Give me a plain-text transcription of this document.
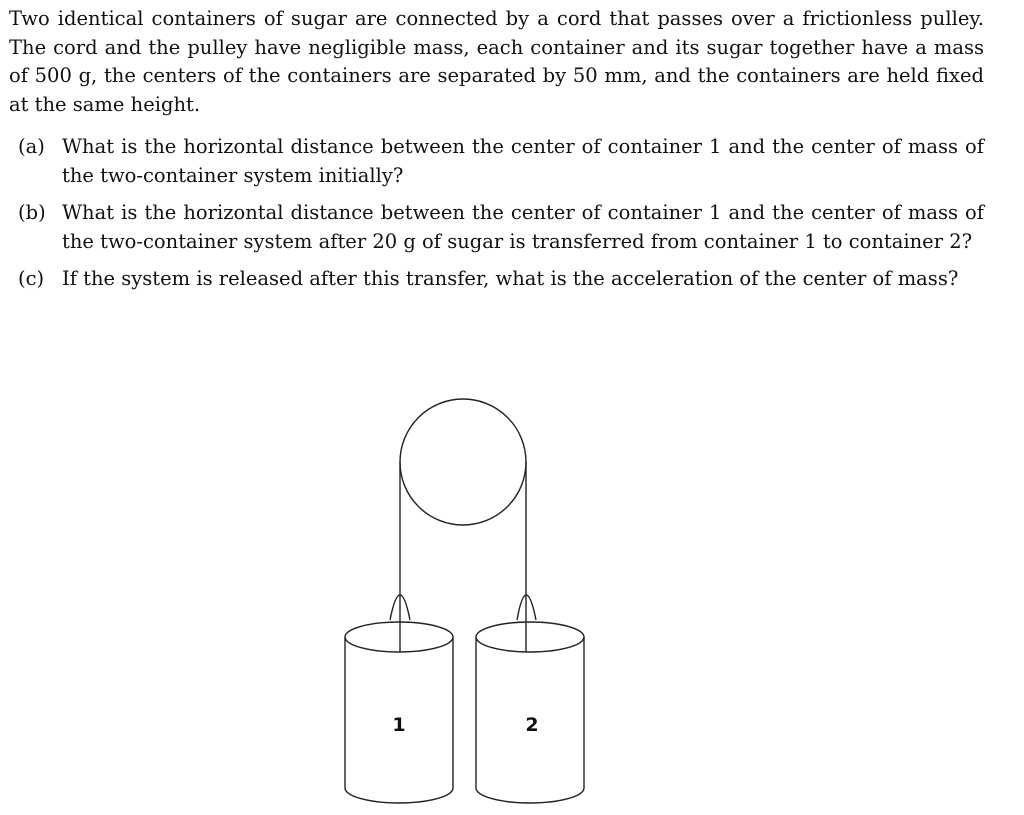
Two identical containers of sugar are connected by a cord that passes over a frictionless pulley. The cord and the pulley have negligible mass, each container and its sugar together have a mass of 500 g, the centers of the containers are separated by 50 mm, and the containers are held fixed at the same height.

(a) What is the horizontal distance between the center of container 1 and the center of mass of the two-container system initially?
(b) What is the horizontal distance between the center of container 1 and the center of mass of the two-container system after 20 g of sugar is transferred from container 1 to container 2?
(c) If the system is released after this transfer, what is the acceleration of the center of mass?
1	2
